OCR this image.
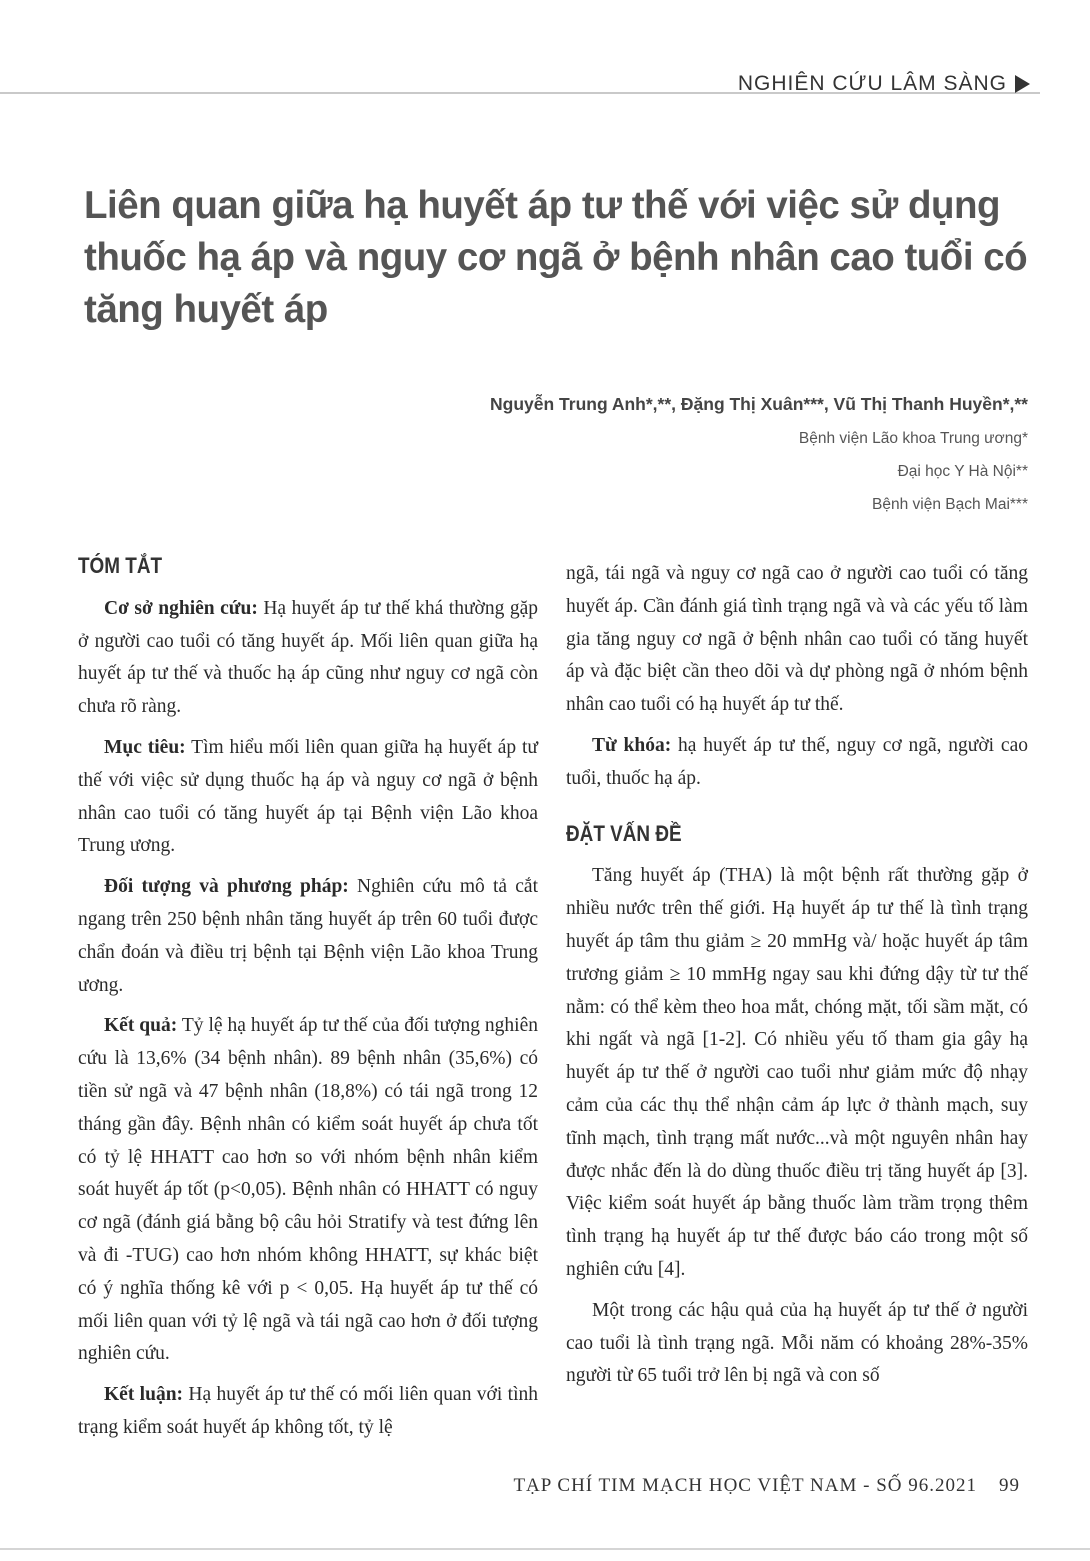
NGHIÊN CỨU LÂM SÀNG
Liên quan giữa hạ huyết áp tư thế với việc sử dụng thuốc hạ áp và nguy cơ ngã ở bệnh nhân cao tuổi có tăng huyết áp
Nguyễn Trung Anh*,**, Đặng Thị Xuân***, Vũ Thị Thanh Huyền*,**
Bệnh viện Lão khoa Trung ương*
Đại học Y Hà Nội**
Bệnh viện Bạch Mai***
TÓM TẮT

Cơ sở nghiên cứu: Hạ huyết áp tư thế khá thường gặp ở người cao tuổi có tăng huyết áp. Mối liên quan giữa hạ huyết áp tư thế và thuốc hạ áp cũng như nguy cơ ngã còn chưa rõ ràng.

Mục tiêu: Tìm hiểu mối liên quan giữa hạ huyết áp tư thế với việc sử dụng thuốc hạ áp và nguy cơ ngã ở bệnh nhân cao tuổi có tăng huyết áp tại Bệnh viện Lão khoa Trung ương.

Đối tượng và phương pháp: Nghiên cứu mô tả cắt ngang trên 250 bệnh nhân tăng huyết áp trên 60 tuổi được chẩn đoán và điều trị bệnh tại Bệnh viện Lão khoa Trung ương.

Kết quả: Tỷ lệ hạ huyết áp tư thế của đối tượng nghiên cứu là 13,6% (34 bệnh nhân). 89 bệnh nhân (35,6%) có tiền sử ngã và 47 bệnh nhân (18,8%) có tái ngã trong 12 tháng gần đây. Bệnh nhân có kiểm soát huyết áp chưa tốt có tỷ lệ HHATT cao hơn so với nhóm bệnh nhân kiểm soát huyết áp tốt (p<0,05). Bệnh nhân có HHATT có nguy cơ ngã (đánh giá bằng bộ câu hỏi Stratify và test đứng lên và đi -TUG) cao hơn nhóm không HHATT, sự khác biệt có ý nghĩa thống kê với p < 0,05. Hạ huyết áp tư thế có mối liên quan với tỷ lệ ngã và tái ngã cao hơn ở đối tượng nghiên cứu.

Kết luận: Hạ huyết áp tư thế có mối liên quan với tình trạng kiểm soát huyết áp không tốt, tỷ lệ

ngã, tái ngã và nguy cơ ngã cao ở người cao tuổi có tăng huyết áp. Cần đánh giá tình trạng ngã và và các yếu tố làm gia tăng nguy cơ ngã ở bệnh nhân cao tuổi có tăng huyết áp và đặc biệt cần theo dõi và dự phòng ngã ở nhóm bệnh nhân cao tuổi có hạ huyết áp tư thế.

Từ khóa: hạ huyết áp tư thế, nguy cơ ngã, người cao tuổi, thuốc hạ áp.

ĐẶT VẤN ĐỀ

Tăng huyết áp (THA) là một bệnh rất thường gặp ở nhiều nước trên thế giới. Hạ huyết áp tư thế là tình trạng huyết áp tâm thu giảm ≥ 20 mmHg và/ hoặc huyết áp tâm trương giảm ≥ 10 mmHg ngay sau khi đứng dậy từ tư thế nằm: có thể kèm theo hoa mắt, chóng mặt, tối sầm mặt, có khi ngất và ngã [1-2]. Có nhiều yếu tố tham gia gây hạ huyết áp tư thế ở người cao tuổi như giảm mức độ nhạy cảm của các thụ thể nhận cảm áp lực ở thành mạch, suy tĩnh mạch, tình trạng mất nước...và một nguyên nhân hay được nhắc đến là do dùng thuốc điều trị tăng huyết áp [3]. Việc kiểm soát huyết áp bằng thuốc làm trầm trọng thêm tình trạng hạ huyết áp tư thế được báo cáo trong một số nghiên cứu [4].

Một trong các hậu quả của hạ huyết áp tư thế ở người cao tuổi là tình trạng ngã. Mỗi năm có khoảng 28%-35% người từ 65 tuổi trở lên bị ngã và con số

TẠP CHÍ TIM MẠCH HỌC VIỆT NAM - SỐ 96.2021 99
